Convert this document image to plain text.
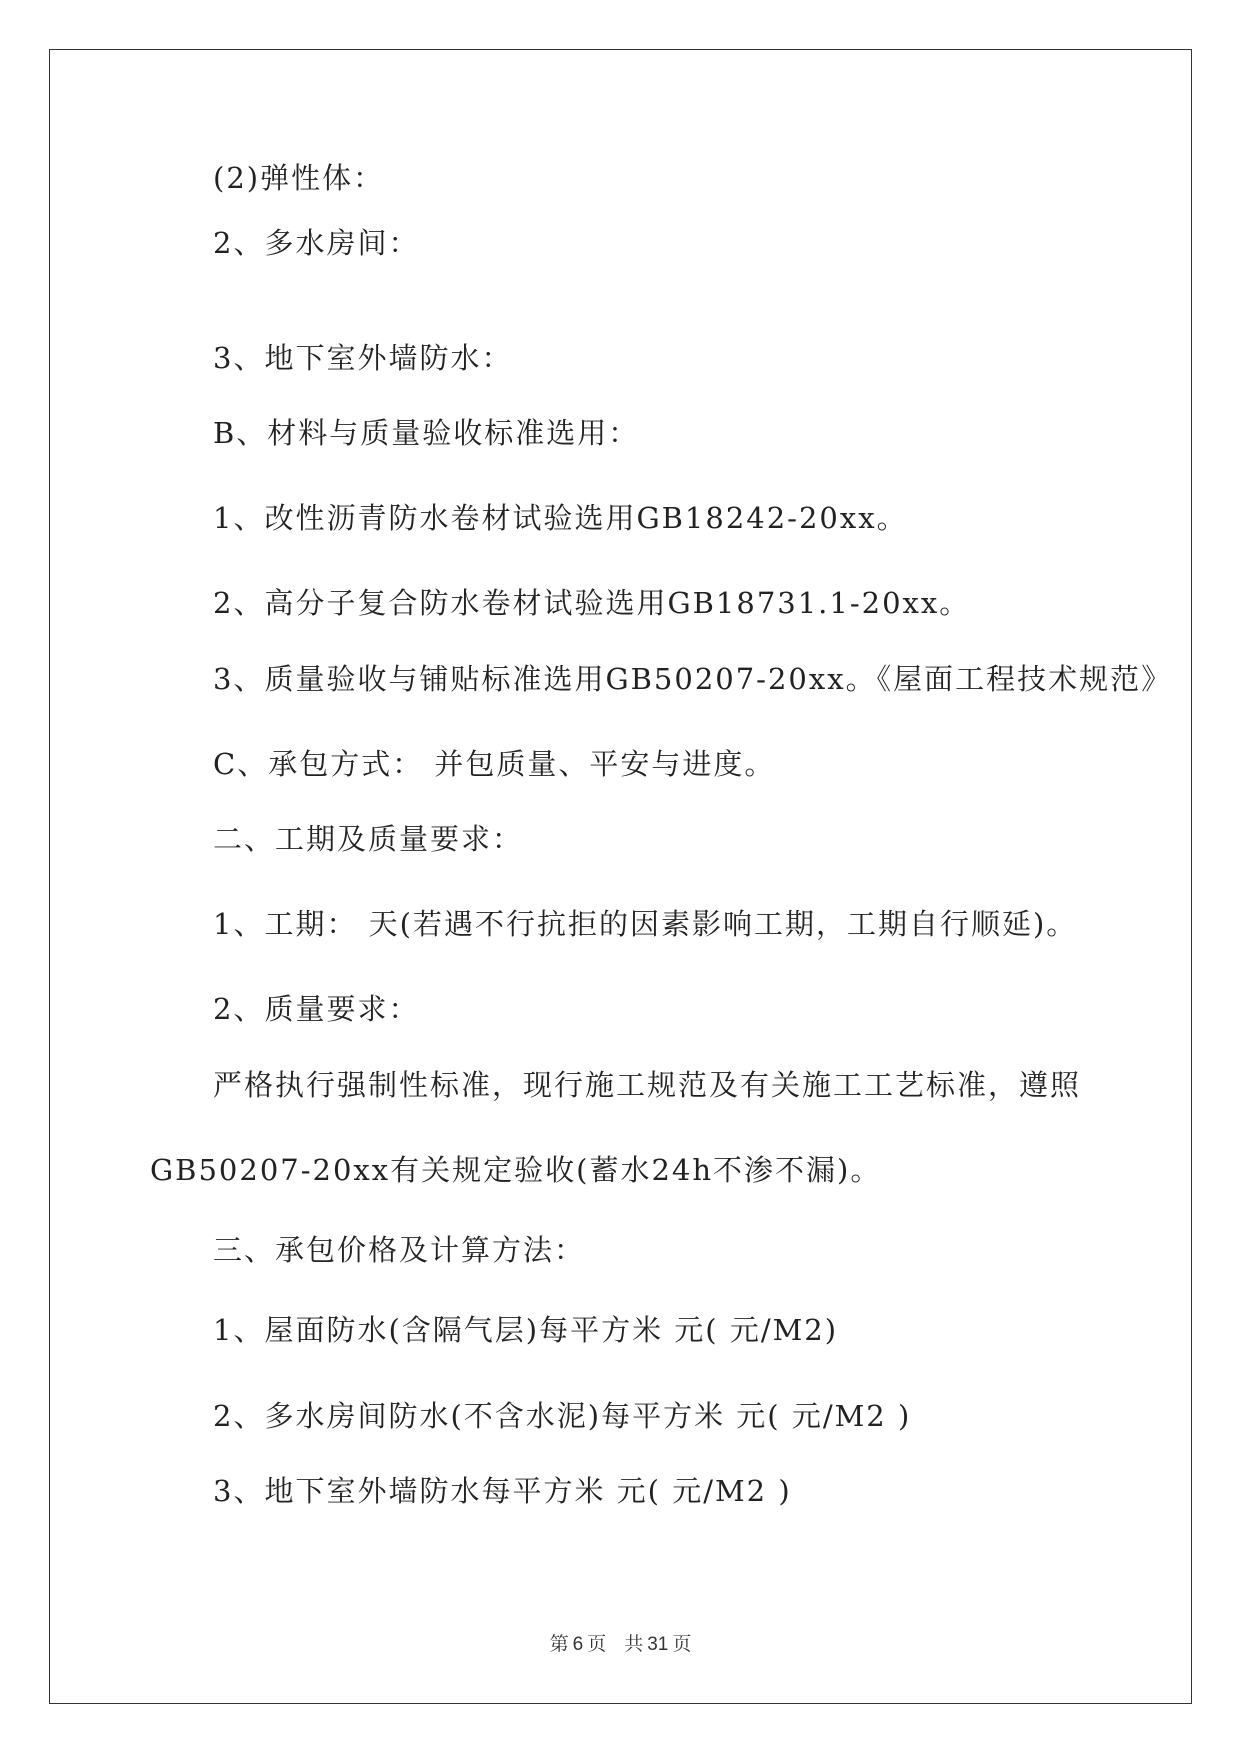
(2)弹性体：
2、多水房间：
3、地下室外墙防水：
B、材料与质量验收标准选用：
1、改性沥青防水卷材试验选用GB18242-20xx。
2、高分子复合防水卷材试验选用GB18731.1-20xx。
3、质量验收与铺贴标准选用GB50207-20xx。《屋面工程技术规范》
C、承包方式： 并包质量、平安与进度。
二、工期及质量要求：
1、工期： 天(若遇不行抗拒的因素影响工期，工期自行顺延)。
2、质量要求：
严格执行强制性标准，现行施工规范及有关施工工艺标准，遵照
GB50207-20xx有关规定验收(蓄水24h不渗不漏)。
三、承包价格及计算方法：
1、屋面防水(含隔气层)每平方米 元( 元/M2)
2、多水房间防水(不含水泥)每平方米 元( 元/M2 )
3、地下室外墙防水每平方米 元( 元/M2 )
第 6 页 共 31 页
